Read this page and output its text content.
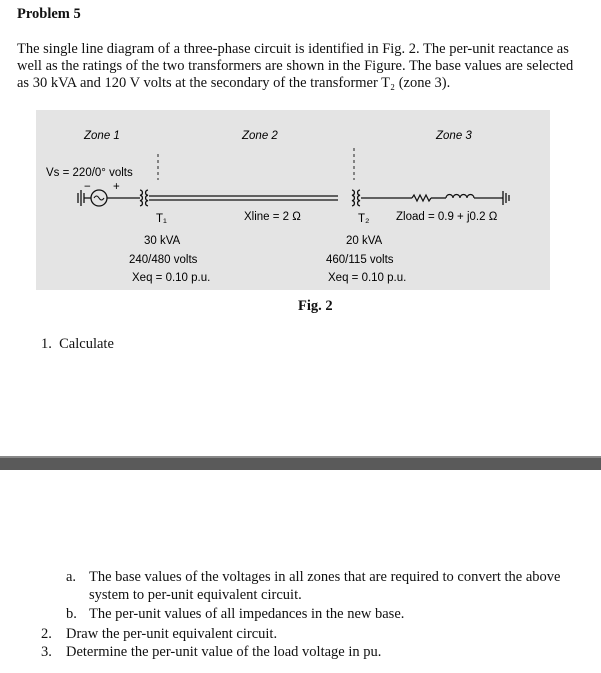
Problem 5
The single line diagram of a three-phase circuit is identified in Fig. 2. The per-unit reactance as well as the ratings of the two transformers are shown in the Figure. The base values are selected as 30 kVA and 120 V volts at the secondary of the transformer T₂ (zone 3).
Zone 1	Zone 2	Zone 3
Vs = 220/0° volts
− +
T₁
30 kVA
240/480 volts
Xeq = 0.10 p.u.
Xline = 2 Ω	T₂
20 kVA
460/115 volts
Xeq = 0.10 p.u.
Zload = 0.9 + j0.2 Ω
Fig. 2
1. Calculate
a. The base values of the voltages in all zones that are required to convert the above system to per-unit equivalent circuit.
b. The per-unit values of all impedances in the new base.
2. Draw the per-unit equivalent circuit.
3. Determine the per-unit value of the load voltage in pu.
